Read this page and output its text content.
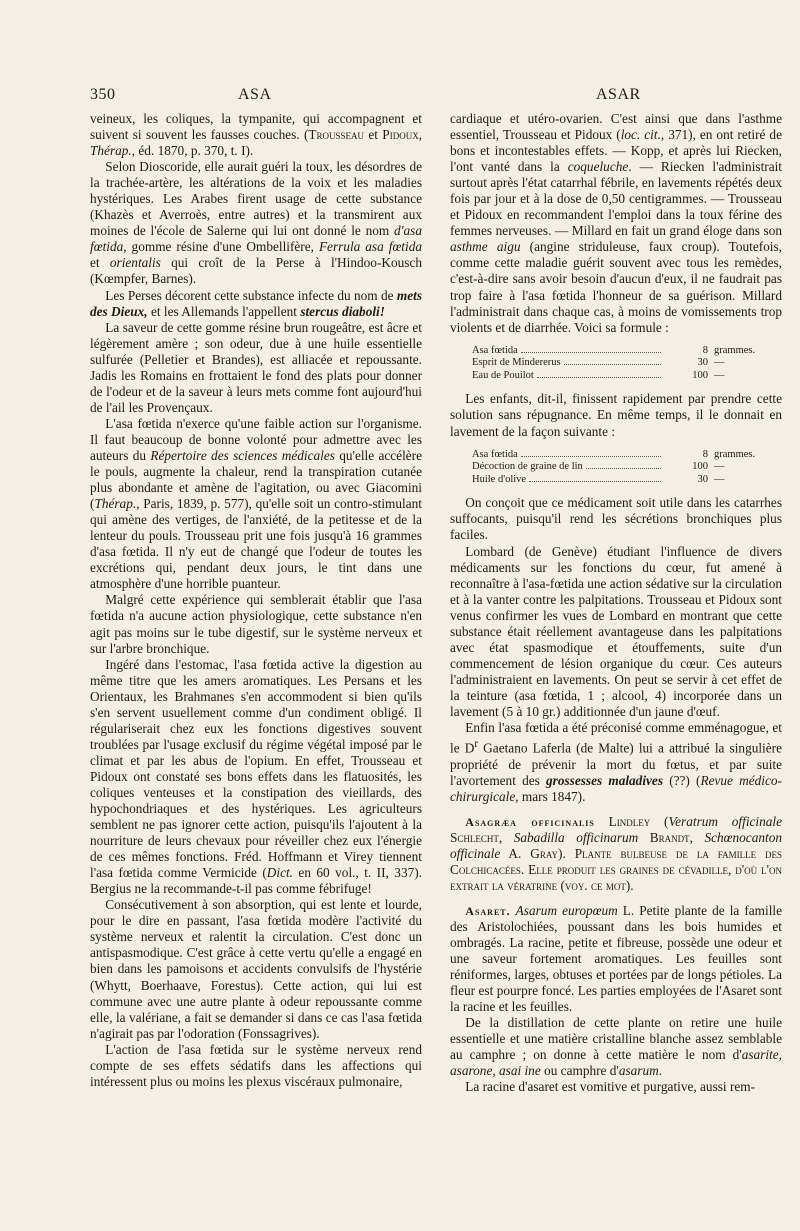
350	ASA	ASAR

veineux, les coliques, la tympanite, qui accompagnent et suivent si souvent les fausses couches. (Trousseau et Pidoux, Thérap., éd. 1870, p. 370, t. I).

Selon Dioscoride, elle aurait guéri la toux, les désordres de la trachée-artère, les altérations de la voix et les maladies hystériques. Les Arabes firent usage de cette substance (Khazès et Averroès, entre autres) et la transmirent aux moines de l'école de Salerne qui lui ont donné le nom d'asa fœtida, gomme résine d'une Ombellifère, Ferrula asa fœtida et orientalis qui croît de la Perse à l'Hindoo-Kousch (Kœmpfer, Barnes).

Les Perses décorent cette substance infecte du nom de mets des Dieux, et les Allemands l'appellent stercus diaboli!

La saveur de cette gomme résine brun rougeâtre, est âcre et légèrement amère ; son odeur, due à une huile essentielle sulfurée (Pelletier et Brandes), est alliacée et repoussante. Jadis les Romains en frottaient le fond des plats pour donner de l'odeur et de la saveur à leurs mets comme font aujourd'hui de l'ail les Provençaux.

L'asa fœtida n'exerce qu'une faible action sur l'organisme. Il faut beaucoup de bonne volonté pour admettre avec les auteurs du Répertoire des sciences médicales qu'elle accélère le pouls, augmente la chaleur, rend la transpiration cutanée plus abondante et amène de l'agitation, ou avec Giacomini (Thérap., Paris, 1839, p. 577), qu'elle soit un contro-stimulant qui amène des vertiges, de l'anxiété, de la petitesse et de la lenteur du pouls. Trousseau prit une fois jusqu'à 16 grammes d'asa fœtida. Il n'y eut de changé que l'odeur de toutes les excrétions qui, pendant deux jours, le tint dans une atmosphère d'une horrible puanteur.

Malgré cette expérience qui semblerait établir que l'asa fœtida n'a aucune action physiologique, cette substance n'en agit pas moins sur le tube digestif, sur le système nerveux et sur l'arbre bronchique.

Ingéré dans l'estomac, l'asa fœtida active la digestion au même titre que les amers aromatiques. Les Persans et les Orientaux, les Brahmanes s'en accommodent si bien qu'ils s'en servent usuellement comme d'un condiment obligé. Il régulariserait chez eux les fonctions digestives souvent troublées par l'usage exclusif du régime végétal imposé par le climat et par les abus de l'opium. En effet, Trousseau et Pidoux ont constaté ses bons effets dans les flatuosités, les coliques venteuses et la constipation des vieillards, des hypochondriaques et des hystériques. Les agriculteurs semblent ne pas ignorer cette action, puisqu'ils l'ajoutent à la nourriture de leurs chevaux pour réveiller chez eux l'énergie de ces mêmes fonctions. Fréd. Hoffmann et Virey tiennent l'asa fœtida comme Vermicide (Dict. en 60 vol., t. II, 337). Bergius ne la recommande-t-il pas comme fébrifuge!

Consécutivement à son absorption, qui est lente et lourde, pour le dire en passant, l'asa fœtida modère l'activité du système nerveux et ralentit la circulation. C'est donc un antispasmodique. C'est grâce à cette vertu qu'elle a engagé en bien dans les pamoisons et accidents convulsifs de l'hystérie (Whytt, Boerhaave, Forestus). Cette action, qui lui est commune avec une autre plante à odeur repoussante comme elle, la valériane, a fait se demander si dans ce cas l'asa fœtida n'agirait pas par l'odoration (Fonssagrives).

L'action de l'asa fœtida sur le système nerveux rend compte de ses effets sédatifs dans les affections qui intéressent plus ou moins les plexus viscéraux pulmonaire,

cardiaque et utéro-ovarien. C'est ainsi que dans l'asthme essentiel, Trousseau et Pidoux (loc. cit., 371), en ont retiré de bons et incontestables effets. — Kopp, et après lui Riecken, l'ont vanté dans la coqueluche. — Riecken l'administrait surtout après l'état catarrhal fébrile, en lavements répétés deux fois par jour et à la dose de 0,50 centigrammes. — Trousseau et Pidoux en recommandent l'emploi dans la toux férine des femmes nerveuses. — Millard en fait un grand éloge dans son asthme aigu (angine striduleuse, faux croup). Toutefois, comme cette maladie guérit souvent avec tous les remèdes, c'est-à-dire sans avoir besoin d'aucun d'eux, il ne faudrait pas trop faire à l'asa fœtida l'honneur de sa guérison. Millard l'administrait dans chaque cas, à moins de vomissements trop violents et de diarrhée. Voici sa formule :

Asa fœtida	8 grammes.
Esprit de Mindererus	30 —
Eau de Pouilot	100 —

Les enfants, dit-il, finissent rapidement par prendre cette solution sans répugnance. En même temps, il le donnait en lavement de la façon suivante :

Asa fœtida	8 grammes.
Décoction de graine de lin	100 —
Huile d'olive	30 —

On conçoit que ce médicament soit utile dans les catarrhes suffocants, puisqu'il rend les sécrétions bronchiques plus faciles.

Lombard (de Genève) étudiant l'influence de divers médicaments sur les fonctions du cœur, fut amené à reconnaître à l'asa-fœtida une action sédative sur la circulation et à la vanter contre les palpitations. Trousseau et Pidoux sont venus confirmer les vues de Lombard en montrant que cette substance était réellement avantageuse dans les palpitations avec état spasmodique et étouffements, suite d'un commencement de lésion organique du cœur. Ces auteurs l'administraient en lavements. On peut se servir à cet effet de la teinture (asa fœtida, 1 ; alcool, 4) incorporée dans un lavement (5 à 10 gr.) additionnée d'un jaune d'œuf.

Enfin l'asa fœtida a été préconisé comme emménagogue, et le $D^r$ Gaetano Laferla (de Malte) lui a attribué la singulière propriété de prévenir la mort du fœtus, et par suite l'avortement des grossesses maladives (??) (Revue médico-chirurgicale, mars 1847).

Asagræa officinalis Lindley (Veratrum officinale Schlecht, Sabadilla officinarum Brandt, Schœnocanton officinale A. Gray). Plante bulbeuse de la famille des Colchicacées. Elle produit les graines de cévadille, d'où l'on extrait la vératrine (voy. ce mot).

Asaret. Asarum europœum L. Petite plante de la famille des Aristolochiées, poussant dans les bois humides et ombragés. La racine, petite et fibreuse, possède une odeur et une saveur fortement aromatiques. Les feuilles sont réniformes, larges, obtuses et portées par de longs pétioles. La fleur est pourpre foncé. Les parties employées de l'Asaret sont la racine et les feuilles.

De la distillation de cette plante on retire une huile essentielle et une matière cristalline blanche assez semblable au camphre ; on donne à cette matière le nom d'asarite, asarone, asai ine ou camphre d'asarum.

La racine d'asaret est vomitive et purgative, aussi rem-
